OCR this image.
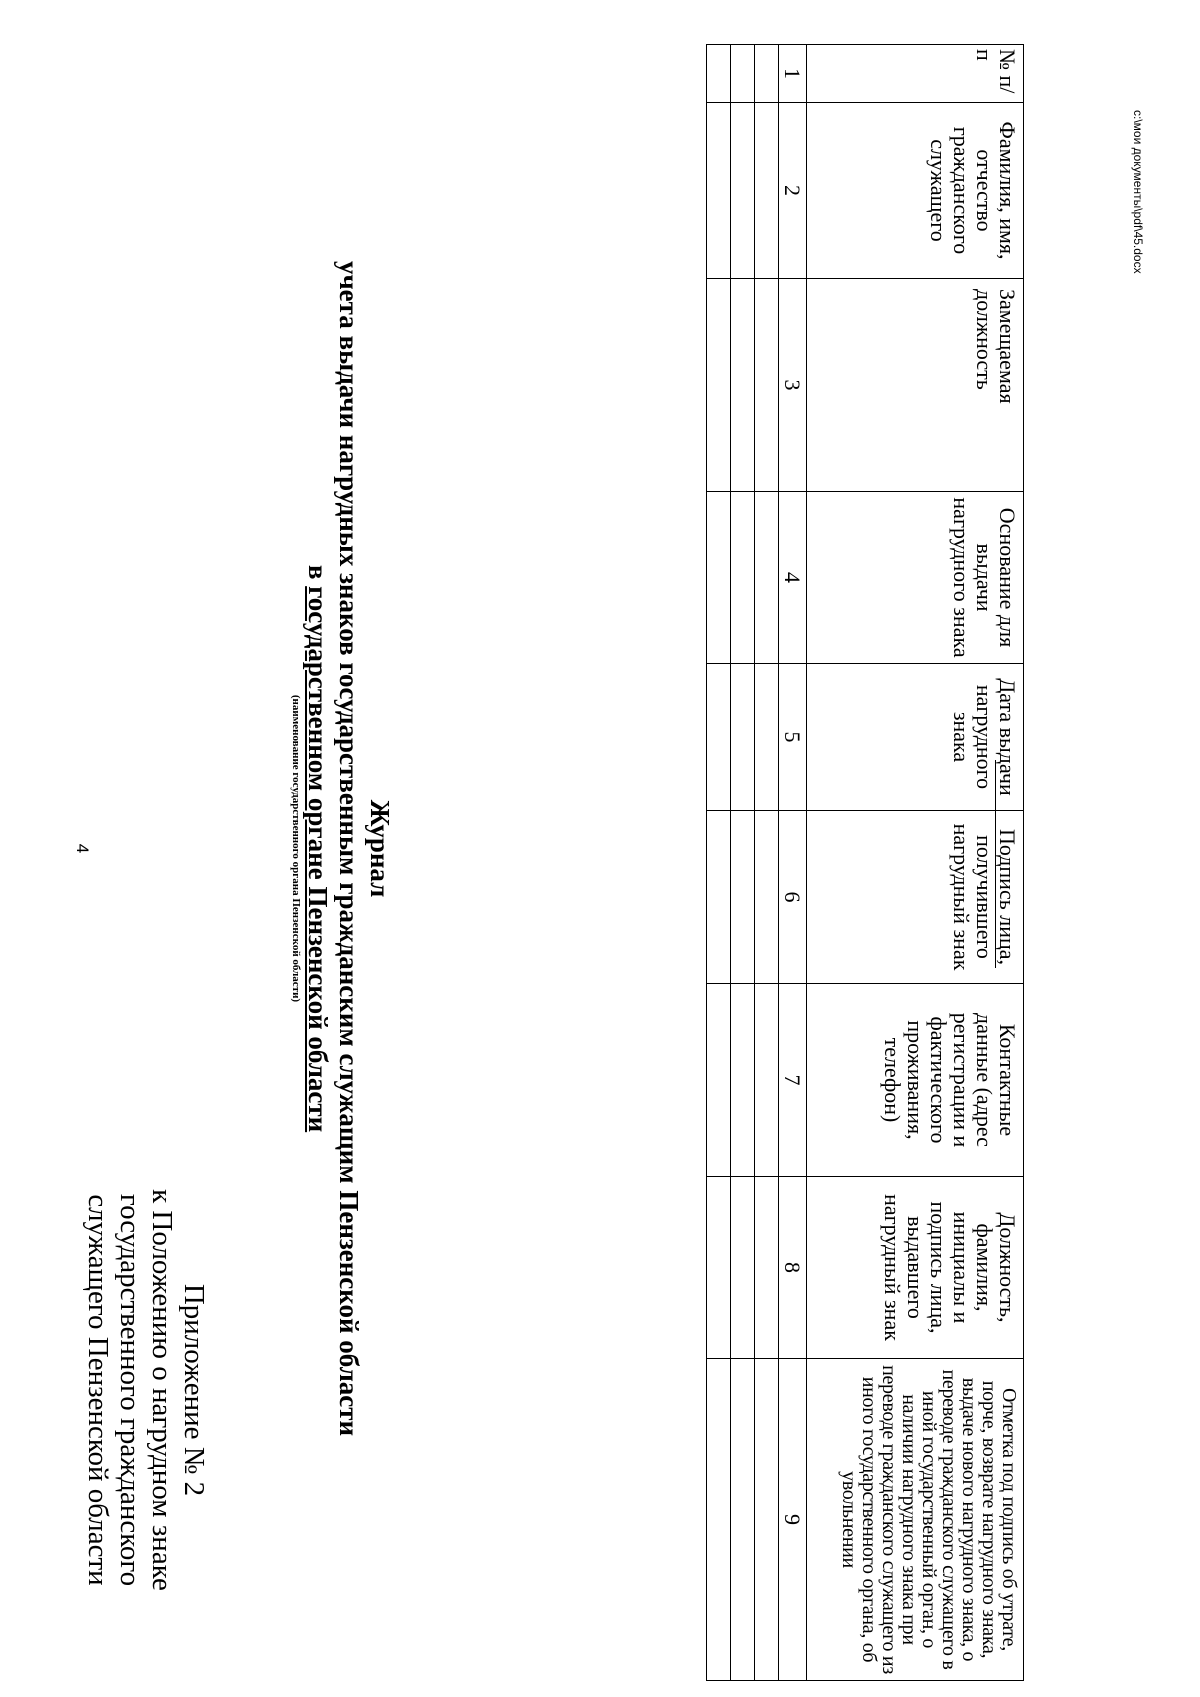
4
Приложение № 2
к Положению о нагрудном знаке
государственного гражданского
служащего Пензенской области
Журнал
учета выдачи нагрудных знаков государственным гражданским служащим Пензенской области
в государственном органе Пензенской области
(наименование государственного органа Пензенской области)
№ п/п	Фамилия, имя, отчество гражданского служащего	Замещаемая должность	Основание для выдачи нагрудного знака	Дата выдачи нагрудного знака	Подпись лица, получившего нагрудный знак	Контактные данные (адрес регистрации и фактического проживания, телефон)	Должность, фамилия, инициалы и подпись лица, выдавшего нагрудный знак	Отметка под подпись об утрате, порче, возврате нагрудного знака, выдаче нового нагрудного знака, о переводе гражданского служащего в иной государственный орган, о наличии нагрудного знака при переводе гражданского служащего из иного государственного органа, об увольнении
1	2	3	4	5	6	7	8	9

c:\мои документы\pdf\45.docx
